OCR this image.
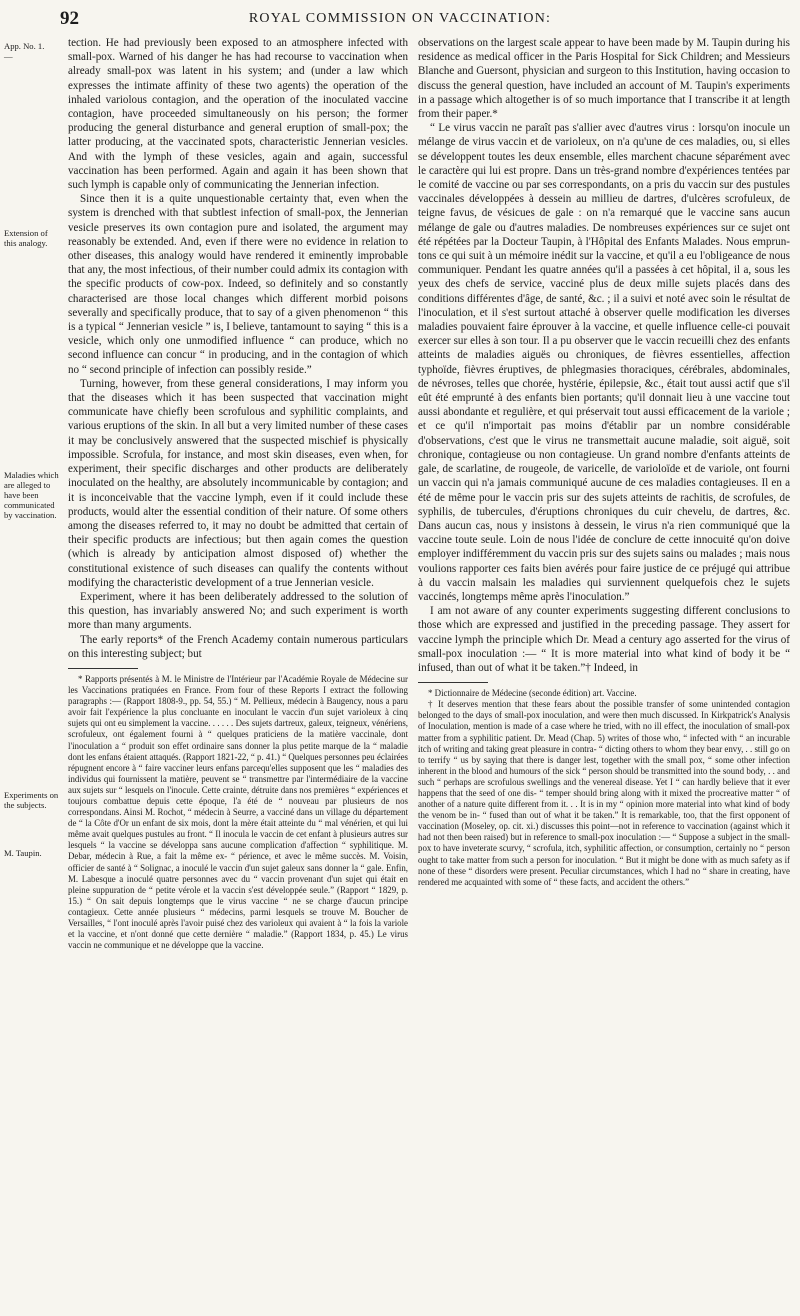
92	ROYAL COMMISSION ON VACCINATION:
App. No. 1.
—
Extension of
this analogy.
Maladies which are alleged to have been communicated by vaccination.
Experiments on
the subjects.
M. Taupin.

tection. He had previously been exposed to an atmosphere infected with small-pox. Warned of his danger he has had recourse to vaccination when already small-pox was latent in his system; and (under a law which expresses the intimate affinity of these two agents) the operation of the inhaled variolous contagion, and the operation of the inoculated vaccine contagion, have proceeded simultaneously on his person; the former producing the general disturbance and general eruption of small-pox; the latter producing, at the vaccinated spots, characteristic Jennerian vesicles. And with the lymph of these vesicles, again and again, successful vaccination has been performed. Again and again it has been shown that such lymph is capable only of communicating the Jennerian infection.

Since then it is a quite unquestionable certainty that, even when the system is drenched with that subtlest infection of small-pox, the Jennerian vesicle preserves its own contagion pure and isolated, the argument may reasonably be extended. And, even if there were no evidence in relation to other diseases, this analogy would have rendered it eminently improbable that any, the most infectious, of their number could admix its contagion with the specific products of cow-pox. Indeed, so definitely and so constantly characterised are those local changes which different morbid poisons severally and specifically produce, that to say of a given phenomenon “ this is a typical “ Jennerian vesicle ” is, I believe, tantamount to saying “ this is a vesicle, which only one unmodified influence “ can produce, which no second influence can concur “ in producing, and in the contagion of which no “ second principle of infection can possibly reside.”

Turning, however, from these general considerations, I may inform you that the diseases which it has been suspected that vaccination might communicate have chiefly been scrofulous and syphilitic complaints, and various eruptions of the skin. In all but a very limited number of these cases it may be conclusively answered that the suspected mischief is physically impossible. Scrofula, for instance, and most skin diseases, even when, for experiment, their specific discharges and other products are deliberately inoculated on the healthy, are absolutely incommunicable by contagion; and it is inconceivable that the vaccine lymph, even if it could include these products, would alter the essential condition of their nature. Of some others among the diseases referred to, it may no doubt be admitted that certain of their specific products are infectious; but then again comes the question (which is already by anticipation almost disposed of) whether the constitutional existence of such diseases can qualify the contents without modifying the characteristic development of a true Jennerian vesicle.

Experiment, where it has been deliberately addressed to the solution of this question, has invariably answered No; and such experiment is worth more than many arguments.

The early reports* of the French Academy contain numerous particulars on this interesting subject; but

* Rapports présentés à M. le Ministre de l'Intérieur par l'Académie Royale de Médecine sur les Vaccinations pratiquées en France. From four of these Reports I extract the following paragraphs :— (Rapport 1808-9., pp. 54, 55.) “ M. Pellieux, médecin à Baugency, nous a paru avoir fait l'expérience la plus concluante en inoculant le vaccin d'un sujet varioleux à cinq sujets qui ont eu simplement la vaccine. . . . . . Des sujets dartreux, galeux, teigneux, vénériens, scrofuleux, ont également fourni à “ quelques praticiens de la matière vaccinale, dont l'inoculation a “ produit son effet ordinaire sans donner la plus petite marque de la “ maladie dont les enfans étaient attaqués. (Rapport 1821-22, “ p. 41.) “ Quelques personnes peu éclairées répugnent encore à “ faire vacciner leurs enfans parcequ'elles supposent que les “ maladies des individus qui fournissent la matière, peuvent se “ transmettre par l'intermédiaire de la vaccine aux sujets sur “ lesquels on l'inocule. Cette crainte, détruite dans nos premières “ expériences et toujours combattue depuis cette époque, l'a été de “ nouveau par plusieurs de nos correspondans. Ainsi M. Rochot, “ médecin à Seurre, a vacciné dans un village du département de “ la Côte d'Or un enfant de six mois, dont la mère était atteinte du “ mal vénérien, et qui lui même avait quelques pustules au front. “ Il inocula le vaccin de cet enfant à plusieurs autres sur lesquels “ la vaccine se développa sans aucune complication d'affection “ syphilitique. M. Debar, médecin à Rue, a fait la même ex- “ périence, et avec le même succès. M. Voisin, officier de santé à “ Solignac, a inoculé le vaccin d'un sujet galeux sans donner la “ gale. Enfin, M. Labesque a inoculé quatre personnes avec du “ vaccin provenant d'un sujet qui était en pleine suppuration de “ petite vérole et la vaccin s'est développée seule.” (Rapport “ 1829, p. 15.) “ On sait depuis longtemps que le virus vaccine “ ne se charge d'aucun principe contagieux. Cette année plusieurs “ médecins, parmi lesquels se trouve M. Boucher de Versailles, “ l'ont inoculé après l'avoir puisé chez des varioleux qui avaient à “ la fois la variole et la vaccine, et n'ont donné que cette dernière “ maladie.” (Rapport 1834, p. 45.) Le virus vaccin ne communique et ne développe que la vaccine.

observations on the largest scale appear to have been made by M. Taupin during his residence as medical officer in the Paris Hospital for Sick Children; and Messieurs Blanche and Guersont, physician and surgeon to this Institution, having occasion to discuss the general question, have included an account of M. Taupin's experiments in a passage which altogether is of so much importance that I transcribe it at length from their paper.*

“ Le virus vaccin ne paraît pas s'allier avec d'autres virus : lorsqu'on inocule un mélange de virus vaccin et de varioleux, on n'a qu'une de ces maladies, ou, si elles se développent toutes les deux ensemble, elles marchent chacune séparément avec le caractère qui lui est propre. Dans un très-grand nombre d'expériences tentées par le comité de vaccine ou par ses correspondants, on a pris du vaccin sur des pustules vaccinales développées à dessein au millieu de dartres, d'ulcères scrofuleux, de teigne favus, de vésicues de gale : on n'a remarqué que le vaccine sans aucun mélange de gale ou d'autres maladies. De nombreuses expériences sur ce sujet ont été répétées par la Docteur Taupin, à l'Hôpital des Enfants Malades. Nous empruntons ce qui suit à un mémoire inédit sur la vaccine, et qu'il a eu l'obligeance de nous communiquer. Pendant les quatre années qu'il a passées à cet hôpital, il a, sous les yeux des chefs de service, vacciné plus de deux mille sujets placés dans des conditions différentes d'âge, de santé, &c. ; il a suivi et noté avec soin le résultat de l'inoculation, et il s'est surtout attaché à observer quelle modification les diverses maladies pouvaient faire éprouver à la vaccine, et quelle influence celle-ci pouvait exercer sur elles à son tour. Il a pu observer que le vaccin recueilli chez des enfants atteints de maladies aiguës ou chroniques, de fièvres essentielles, affection typhoïde, fièvres éruptives, de phlegmasies thoraciques, cérébrales, abdominales, de névroses, telles que chorée, hystérie, épilepsie, &c., était tout aussi actif que s'il eût été emprunté à des enfants bien portants; qu'il donnait lieu à une vaccine tout aussi abondante et regulière, et qui préservait tout aussi efficacement de la variole ; et ce qu'il n'importait pas moins d'établir par un nombre considérable d'observations, c'est que le virus ne transmettait aucune maladie, soit aiguë, soit chronique, contagieuse ou non contagieuse. Un grand nombre d'enfants atteints de gale, de scarlatine, de rougeole, de varicelle, de varioloïde et de variole, ont fourni un vaccin qui n'a jamais communiqué aucune de ces maladies contagieuses. Il en a été de même pour le vaccin pris sur des sujets atteints de rachitis, de scrofules, de syphilis, de tubercules, d'éruptions chroniques du cuir chevelu, de dartres, &c. Dans aucun cas, nous y insistons à dessein, le virus n'a rien communiqué que la vaccine toute seule. Loin de nous l'idée de conclure de cette innocuité qu'on doive employer indifféremment du vaccin pris sur des sujets sains ou malades ; mais nous voulions rapporter ces faits bien avérés pour faire justice de ce préjugé qui attribue à du vaccin malsain les maladies qui surviennent quelquefois chez le sujets vaccinés, longtemps même après l'inoculation.”

I am not aware of any counter experiments suggesting different conclusions to those which are expressed and justified in the preceding passage. They assert for vaccine lymph the principle which Dr. Mead a century ago asserted for the virus of small-pox inoculation :— “ It is more material into what kind of body it be “ infused, than out of what it be taken.”† Indeed, in

* Dictionnaire de Médecine (seconde édition) art. Vaccine.

† It deserves mention that these fears about the possible transfer of some unintended contagion belonged to the days of small-pox inoculation, and were then much discussed. In Kirkpatrick's Analysis of Inoculation, mention is made of a case where he tried, with no ill effect, the inoculation of small-pox matter from a syphilitic patient. Dr. Mead (Chap. 5) writes of those who, “ infected with “ an incurable itch of writing and taking great pleasure in contra- “ dicting others to whom they bear envy, . . still go on to terrify “ us by saying that there is danger lest, together with the small pox, “ some other infection inherent in the blood and humours of the sick “ person should be transmitted into the sound body, . . and such “ perhaps are scrofulous swellings and the venereal disease. Yet I “ can hardly believe that it ever happens that the seed of one dis- “ temper should bring along with it mixed the procreative matter “ of another of a nature quite different from it. . . It is in my “ opinion more material into what kind of body the venom be in- “ fused than out of what it be taken.” It is remarkable, too, that the first opponent of vaccination (Moseley, op. cit. xi.) discusses this point—not in reference to vaccination (against which it had not then been raised) but in reference to small-pox inoculation :— “ Suppose a subject in the small-pox to have inveterate scurvy, “ scrofula, itch, syphilitic affection, or consumption, certainly no “ person ought to take matter from such a person for inoculation. “ But it might be done with as much safety as if none of these “ disorders were present. Peculiar circumstances, which I had no “ share in creating, have rendered me acquainted with some of “ these facts, and accident the others.”
